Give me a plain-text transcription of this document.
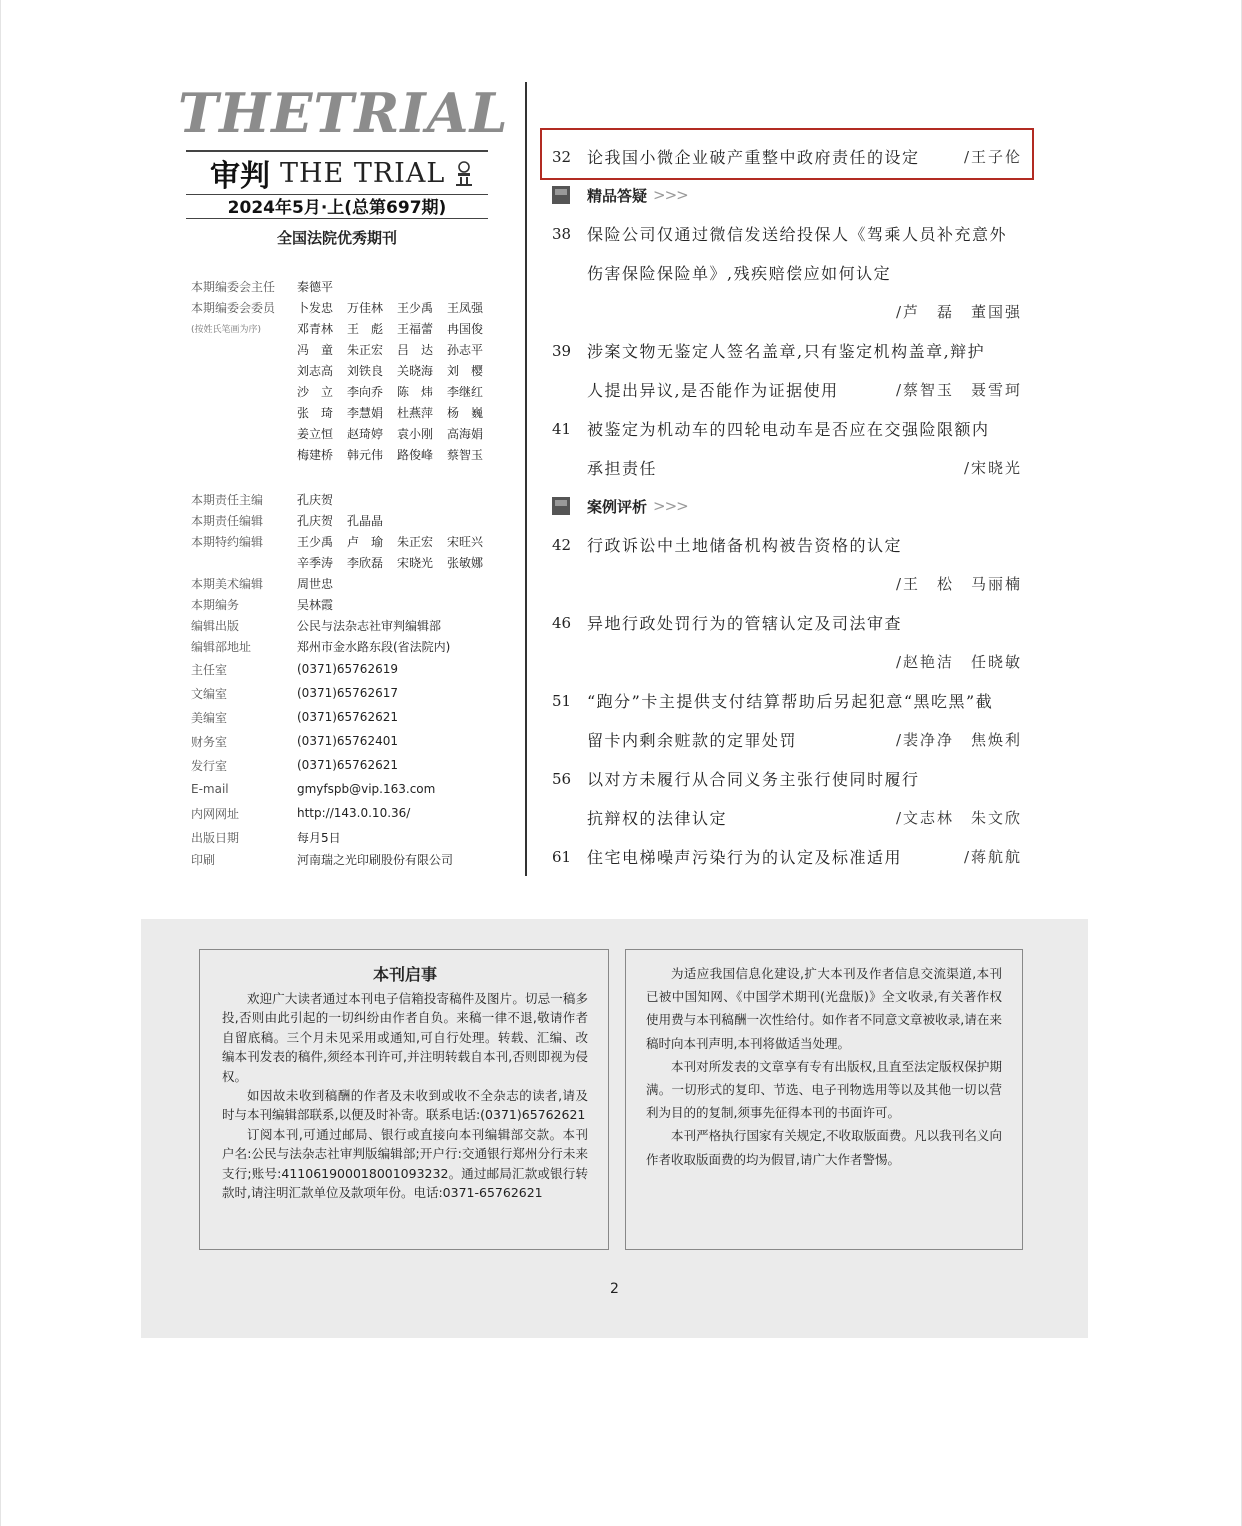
THETRIAL
审判 THE TRIAL
2024年5月·上(总第697期)
全国法院优秀期刊
本期编委会主任	秦德平
本期编委会委员	卜发忠	万佳林	王少禹	王凤强
(按姓氏笔画为序)	邓青林	王　彪	王福蕾	冉国俊
冯　童	朱正宏	吕　达	孙志平
刘志高	刘铁良	关晓海	刘　樱
沙　立	李向乔	陈　炜	李继红
张　琦	李慧娟	杜燕萍	杨　巍
姜立恒	赵琦婷	袁小刚	高海娟
梅建桥	韩元伟	路俊峰	蔡智玉
本期责任主编	孔庆贺
本期责任编辑	孔庆贺	孔晶晶
本期特约编辑	王少禹	卢　瑜	朱正宏	宋旺兴
辛季涛	李欣磊	宋晓光	张敏娜
本期美术编辑	周世忠
本期编务	吴林霞
编辑出版	公民与法杂志社审判编辑部
编辑部地址	郑州市金水路东段(省法院内)
主任室	(0371)65762619
文编室	(0371)65762617
美编室	(0371)65762621
财务室	(0371)65762401
发行室	(0371)65762621
E-mail	gmyfspb@vip.163.com
内网网址	http://143.0.10.36/
出版日期	每月5日
印刷	河南瑞之光印刷股份有限公司
32 论我国小微企业破产重整中政府责任的设定	/王子伦
精品答疑 >>>
38 保险公司仅通过微信发送给投保人《驾乘人员补充意外
伤害保险保险单》,残疾赔偿应如何认定
/芦　磊　董国强
39 涉案文物无鉴定人签名盖章,只有鉴定机构盖章,辩护
人提出异议,是否能作为证据使用	/蔡智玉　聂雪珂
41 被鉴定为机动车的四轮电动车是否应在交强险限额内
承担责任	/宋晓光
案例评析 >>>
42 行政诉讼中土地储备机构被告资格的认定
/王　松　马丽楠
46 异地行政处罚行为的管辖认定及司法审查
/赵艳洁　任晓敏
51 “跑分”卡主提供支付结算帮助后另起犯意“黑吃黑”截
留卡内剩余赃款的定罪处罚	/裴净净　焦焕利
56 以对方未履行从合同义务主张行使同时履行
抗辩权的法律认定	/文志林　朱文欣
61 住宅电梯噪声污染行为的认定及标准适用	/蒋航航
本刊启事

欢迎广大读者通过本刊电子信箱投寄稿件及图片。切忌一稿多投,否则由此引起的一切纠纷由作者自负。来稿一律不退,敬请作者自留底稿。三个月未见采用或通知,可自行处理。转载、汇编、改编本刊发表的稿件,须经本刊许可,并注明转载自本刊,否则即视为侵权。

如因故未收到稿酬的作者及未收到或收不全杂志的读者,请及时与本刊编辑部联系,以便及时补寄。联系电话:(0371)65762621

订阅本刊,可通过邮局、银行或直接向本刊编辑部交款。本刊户名:公民与法杂志社审判版编辑部;开户行:交通银行郑州分行未来支行;账号:411061900018001093232。通过邮局汇款或银行转款时,请注明汇款单位及款项年份。电话:0371-65762621

为适应我国信息化建设,扩大本刊及作者信息交流渠道,本刊已被中国知网、《中国学术期刊(光盘版)》全文收录,有关著作权使用费与本刊稿酬一次性给付。如作者不同意文章被收录,请在来稿时向本刊声明,本刊将做适当处理。

本刊对所发表的文章享有专有出版权,且直至法定版权保护期满。一切形式的复印、节选、电子刊物选用等以及其他一切以营利为目的的复制,须事先征得本刊的书面许可。

本刊严格执行国家有关规定,不收取版面费。凡以我刊名义向作者收取版面费的均为假冒,请广大作者警惕。

2
